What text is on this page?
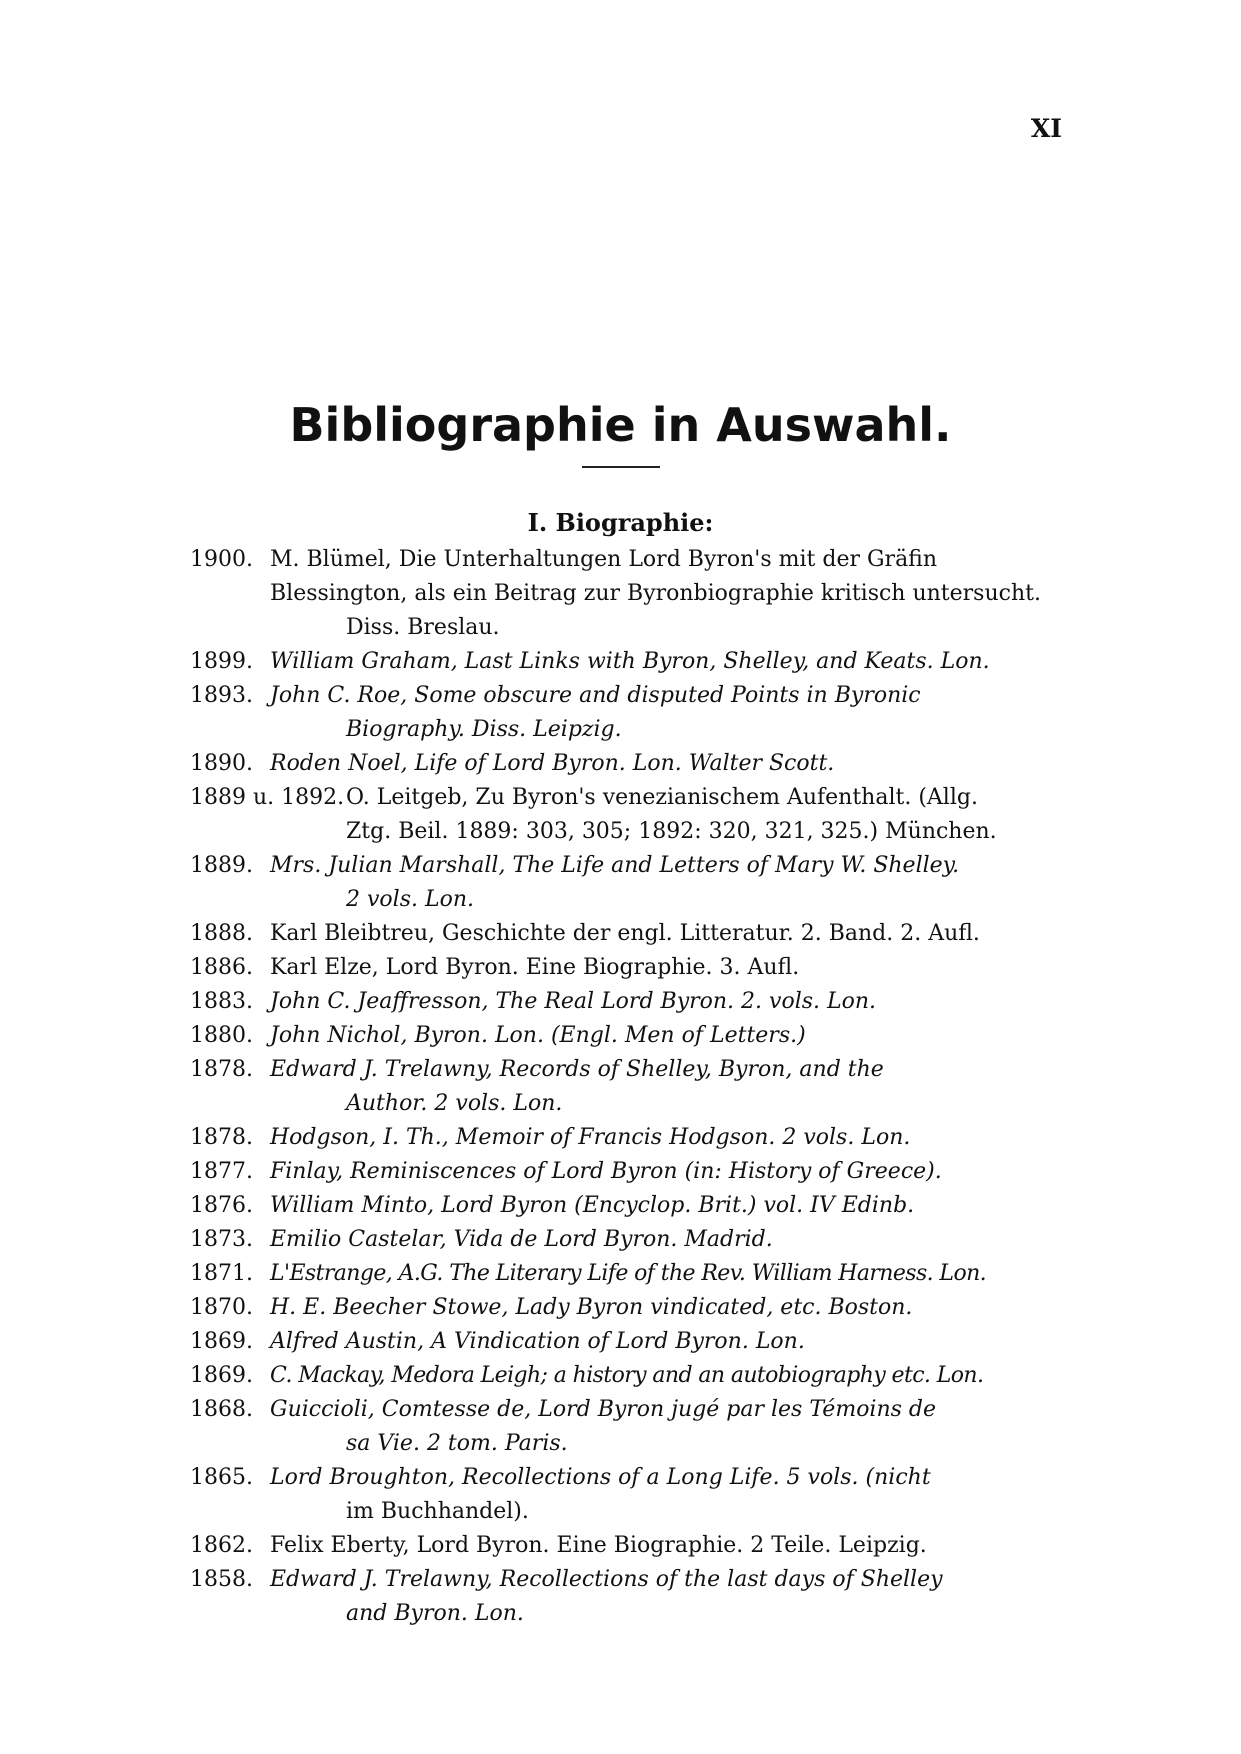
XI
Bibliographie in Auswahl.
I. Biographie:
1900. M. Blümel, Die Unterhaltungen Lord Byron's mit der Gräfin
Blessington, als ein Beitrag zur Byronbiographie kritisch untersucht.
Diss. Breslau.
1899. William Graham, Last Links with Byron, Shelley, and Keats. Lon.
1893. John C. Roe, Some obscure and disputed Points in Byronic
Biography. Diss. Leipzig.
1890. Roden Noel, Life of Lord Byron. Lon. Walter Scott.
1889 u. 1892. O. Leitgeb, Zu Byron's venezianischem Aufenthalt. (Allg.
Ztg. Beil. 1889: 303, 305; 1892: 320, 321, 325.) München.
1889. Mrs. Julian Marshall, The Life and Letters of Mary W. Shelley.
2 vols. Lon.
1888. Karl Bleibtreu, Geschichte der engl. Litteratur. 2. Band. 2. Aufl.
1886. Karl Elze, Lord Byron. Eine Biographie. 3. Aufl.
1883. John C. Jeaffresson, The Real Lord Byron. 2. vols. Lon.
1880. John Nichol, Byron. Lon. (Engl. Men of Letters.)
1878. Edward J. Trelawny, Records of Shelley, Byron, and the
Author. 2 vols. Lon.
1878. Hodgson, I. Th., Memoir of Francis Hodgson. 2 vols. Lon.
1877. Finlay, Reminiscences of Lord Byron (in: History of Greece).
1876. William Minto, Lord Byron (Encyclop. Brit.) vol. IV Edinb.
1873. Emilio Castelar, Vida de Lord Byron. Madrid.
1871. L'Estrange, A.G. The Literary Life of the Rev. William Harness. Lon.
1870. H. E. Beecher Stowe, Lady Byron vindicated, etc. Boston.
1869. Alfred Austin, A Vindication of Lord Byron. Lon.
1869. C. Mackay, Medora Leigh; a history and an autobiography etc. Lon.
1868. Guiccioli, Comtesse de, Lord Byron jugé par les Témoins de
sa Vie. 2 tom. Paris.
1865. Lord Broughton, Recollections of a Long Life. 5 vols. (nicht
im Buchhandel).
1862. Felix Eberty, Lord Byron. Eine Biographie. 2 Teile. Leipzig.
1858. Edward J. Trelawny, Recollections of the last days of Shelley
and Byron. Lon.
